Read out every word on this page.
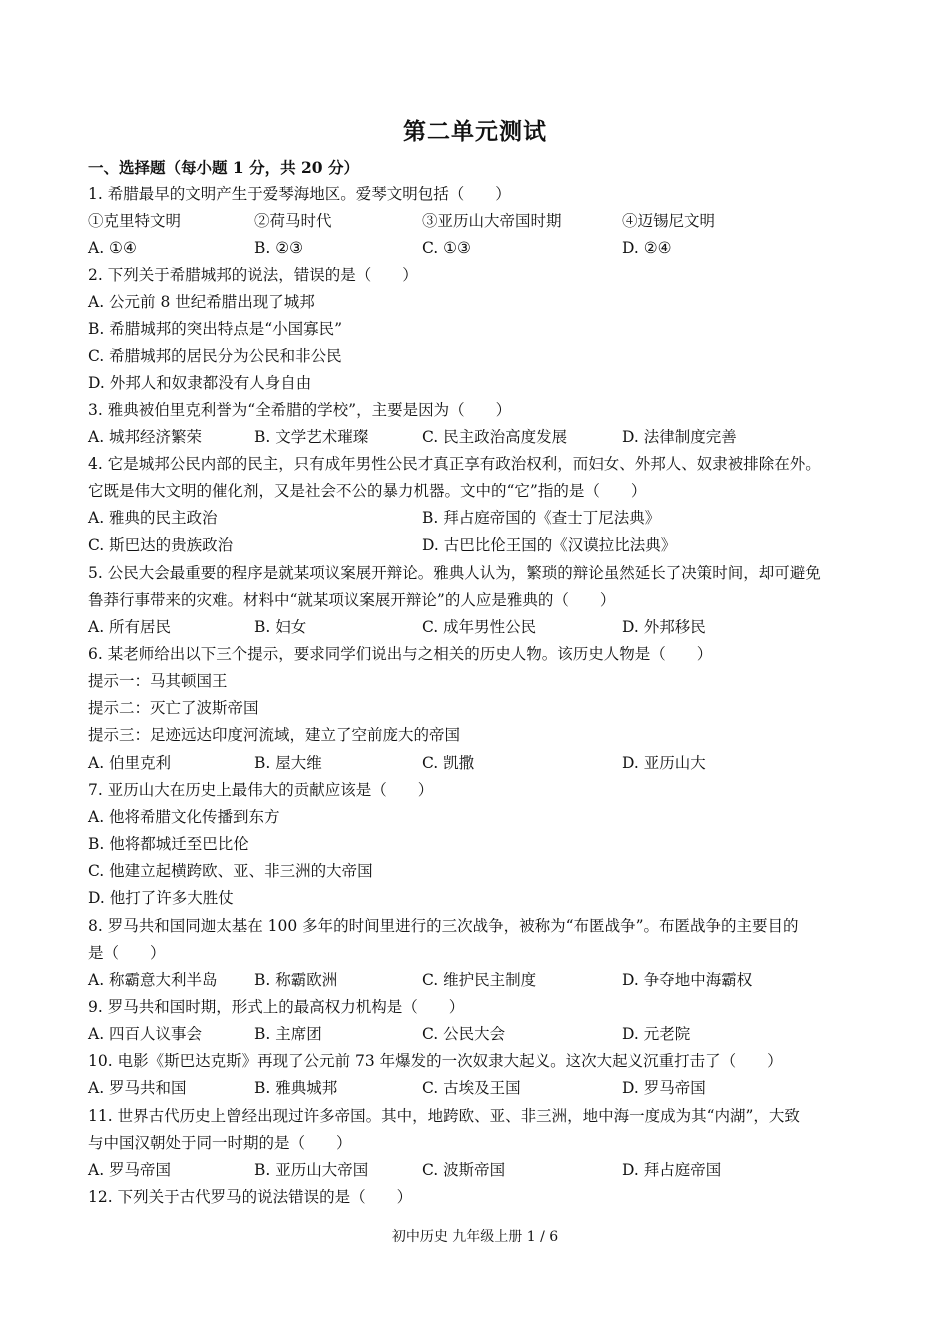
第二单元测试
一、选择题（每小题 1 分，共 20 分）
1. 希腊最早的文明产生于爱琴海地区。爱琴文明包括（　　）
①克里特文明	②荷马时代	③亚历山大帝国时期	④迈锡尼文明
A. ①④	B. ②③	C. ①③	D. ②④
2. 下列关于希腊城邦的说法，错误的是（　　）
A. 公元前 8 世纪希腊出现了城邦
B. 希腊城邦的突出特点是“小国寡民”
C. 希腊城邦的居民分为公民和非公民
D. 外邦人和奴隶都没有人身自由
3. 雅典被伯里克利誉为“全希腊的学校”，主要是因为（　　）
A. 城邦经济繁荣	B. 文学艺术璀璨	C. 民主政治高度发展	D. 法律制度完善
4. 它是城邦公民内部的民主，只有成年男性公民才真正享有政治权利，而妇女、外邦人、奴隶被排除在外。
它既是伟大文明的催化剂，又是社会不公的暴力机器。文中的“它”指的是（　　）
A. 雅典的民主政治	B. 拜占庭帝国的《查士丁尼法典》
C. 斯巴达的贵族政治	D. 古巴比伦王国的《汉谟拉比法典》
5. 公民大会最重要的程序是就某项议案展开辩论。雅典人认为，繁琐的辩论虽然延长了决策时间，却可避免
鲁莽行事带来的灾难。材料中“就某项议案展开辩论”的人应是雅典的（　　）
A. 所有居民	B. 妇女	C. 成年男性公民	D. 外邦移民
6. 某老师给出以下三个提示，要求同学们说出与之相关的历史人物。该历史人物是（　　）
提示一：马其顿国王
提示二：灭亡了波斯帝国
提示三：足迹远达印度河流域，建立了空前庞大的帝国
A. 伯里克利	B. 屋大维	C. 凯撒	D. 亚历山大
7. 亚历山大在历史上最伟大的贡献应该是（　　）
A. 他将希腊文化传播到东方
B. 他将都城迁至巴比伦
C. 他建立起横跨欧、亚、非三洲的大帝国
D. 他打了许多大胜仗
8. 罗马共和国同迦太基在 100 多年的时间里进行的三次战争，被称为“布匿战争”。布匿战争的主要目的
是（　　）
A. 称霸意大利半岛 B. 称霸欧洲	C. 维护民主制度	D. 争夺地中海霸权
9. 罗马共和国时期，形式上的最高权力机构是（　　）
A. 四百人议事会	B. 主席团	C. 公民大会	D. 元老院
10. 电影《斯巴达克斯》再现了公元前 73 年爆发的一次奴隶大起义。这次大起义沉重打击了（　　）
A. 罗马共和国	B. 雅典城邦	C. 古埃及王国	D. 罗马帝国
11. 世界古代历史上曾经出现过许多帝国。其中，地跨欧、亚、非三洲，地中海一度成为其“内湖”，大致
与中国汉朝处于同一时期的是（　　）
A. 罗马帝国	B. 亚历山大帝国	C. 波斯帝国	D. 拜占庭帝国
12. 下列关于古代罗马的说法错误的是（　　）
初中历史 九年级上册 1 / 6
